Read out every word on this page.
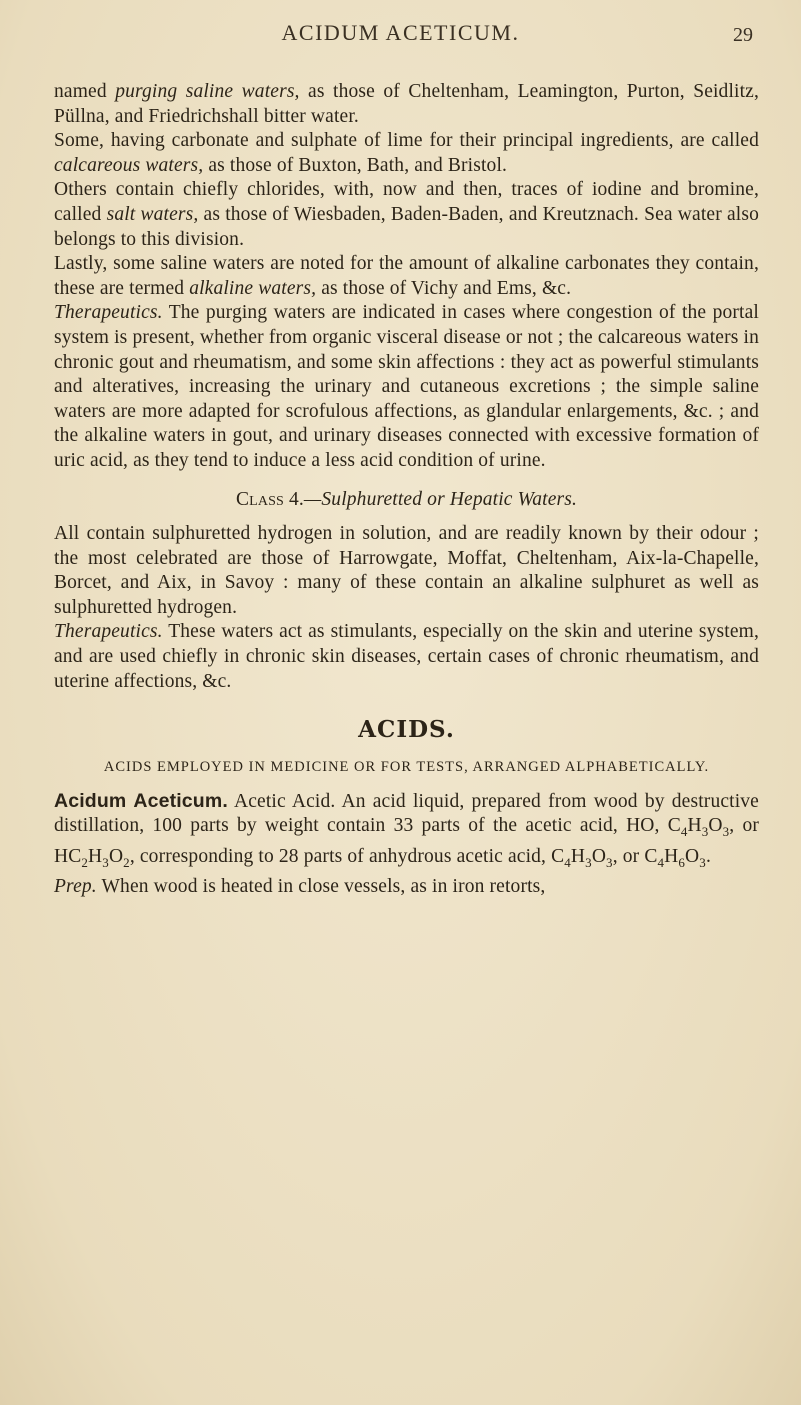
ACIDUM ACETICUM.	29

named purging saline waters, as those of Cheltenham, Leamington, Purton, Seidlitz, Püllna, and Friedrichshall bitter water.

Some, having carbonate and sulphate of lime for their principal ingredients, are called calcareous waters, as those of Buxton, Bath, and Bristol.

Others contain chiefly chlorides, with, now and then, traces of iodine and bromine, called salt waters, as those of Wiesbaden, Baden-Baden, and Kreutznach. Sea water also belongs to this division.

Lastly, some saline waters are noted for the amount of alkaline carbonates they contain, these are termed alkaline waters, as those of Vichy and Ems, &c.

Therapeutics. The purging waters are indicated in cases where congestion of the portal system is present, whether from organic visceral disease or not ; the calcareous waters in chronic gout and rheumatism, and some skin affections : they act as powerful stimulants and alteratives, increasing the urinary and cutaneous excretions ; the simple saline waters are more adapted for scrofulous affections, as glandular enlargements, &c. ; and the alkaline waters in gout, and urinary diseases connected with excessive formation of uric acid, as they tend to induce a less acid condition of urine.

Class 4.—Sulphuretted or Hepatic Waters.

All contain sulphuretted hydrogen in solution, and are readily known by their odour ; the most celebrated are those of Harrowgate, Moffat, Cheltenham, Aix-la-Chapelle, Borcet, and Aix, in Savoy : many of these contain an alkaline sulphuret as well as sulphuretted hydrogen.

Therapeutics. These waters act as stimulants, especially on the skin and uterine system, and are used chiefly in chronic skin diseases, certain cases of chronic rheumatism, and uterine affections, &c.

ACIDS.
ACIDS EMPLOYED IN MEDICINE OR FOR TESTS, ARRANGED ALPHABETICALLY.

Acidum Aceticum. Acetic Acid. An acid liquid, prepared from wood by destructive distillation, 100 parts by weight contain 33 parts of the acetic acid, HO, $C_4H_3O_3$, or $HC_2H_3O_2$, corresponding to 28 parts of anhydrous acetic acid, $C_4H_3O_3$, or $C_4H_6O_3$.

Prep. When wood is heated in close vessels, as in iron retorts,
